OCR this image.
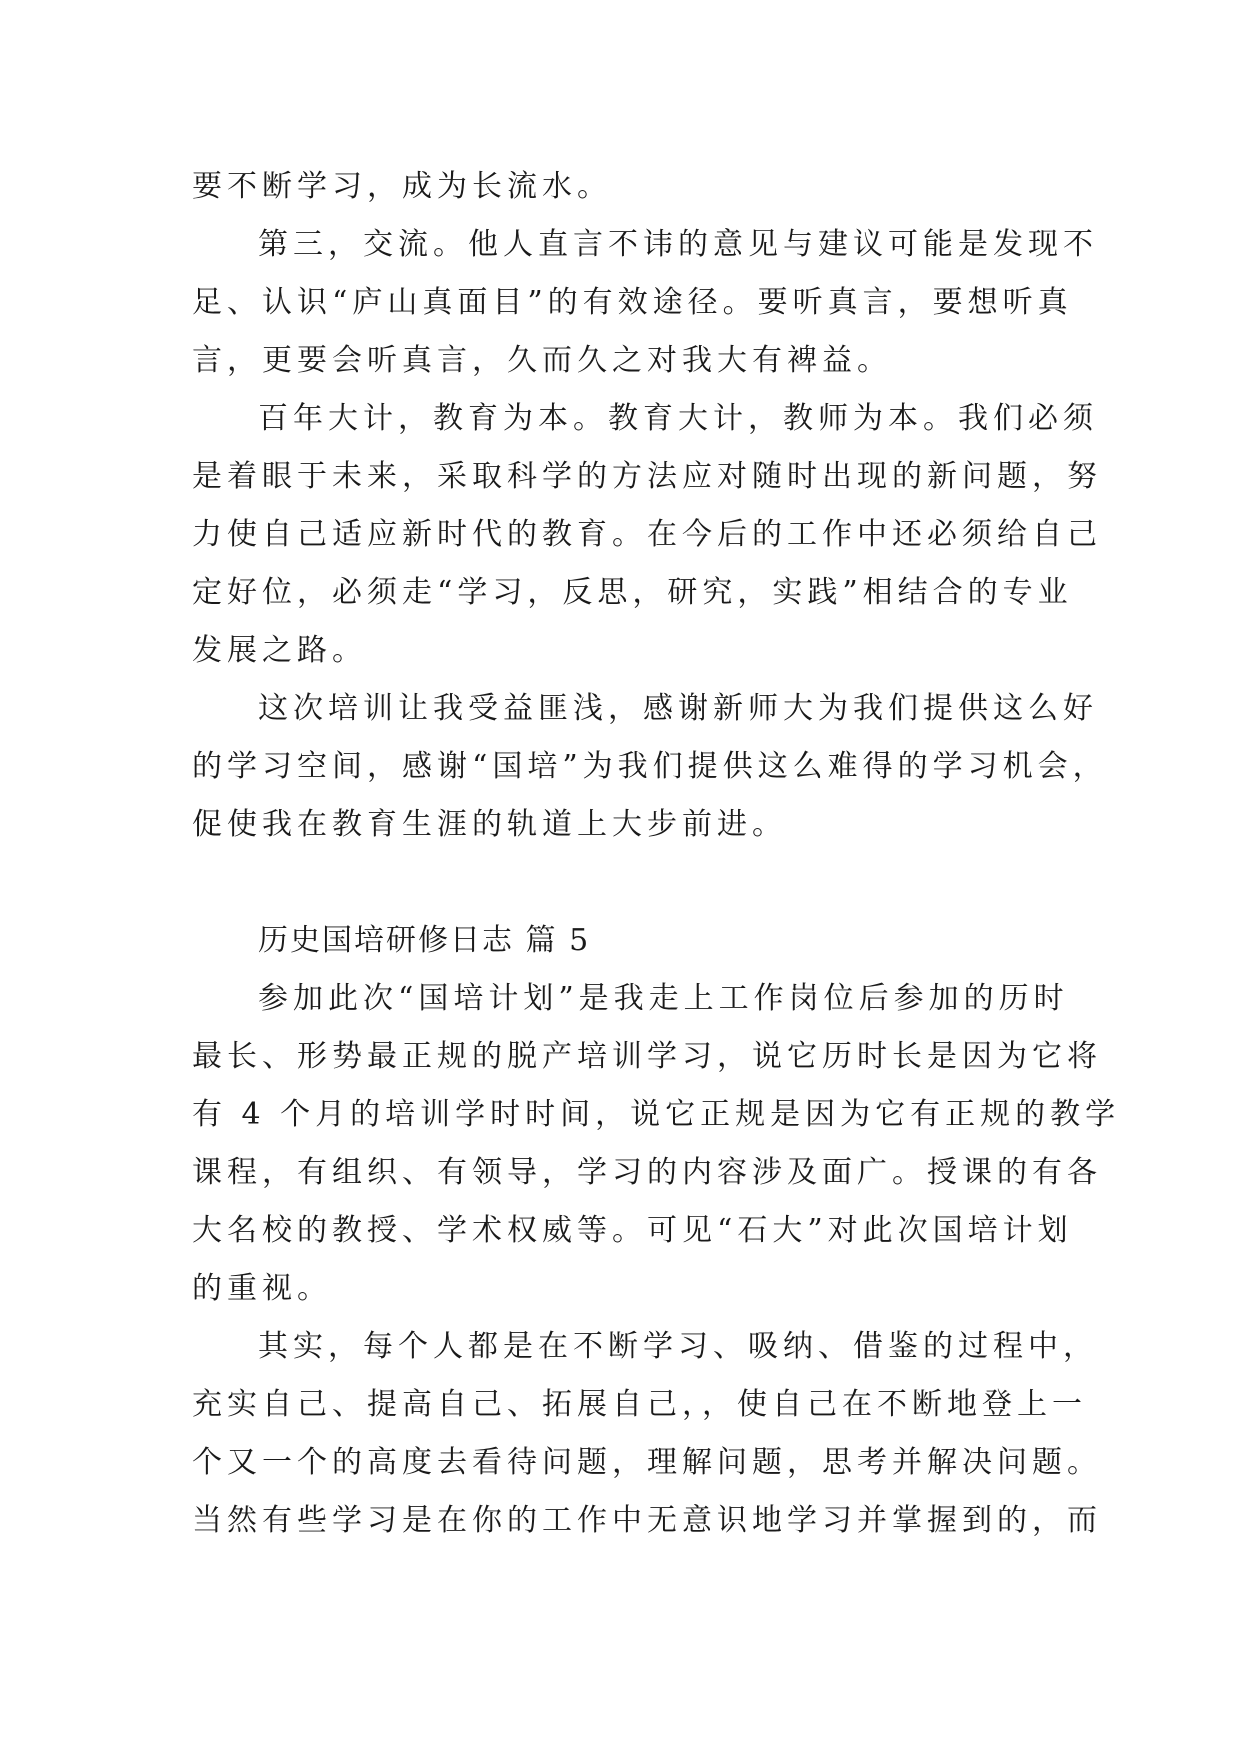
要不断学习，成为长流水。
第三，交流。他人直言不讳的意见与建议可能是发现不
足、认识“庐山真面目”的有效途径。要听真言，要想听真
言，更要会听真言，久而久之对我大有裨益。
百年大计，教育为本。教育大计，教师为本。我们必须
是着眼于未来，采取科学的方法应对随时出现的新问题，努
力使自己适应新时代的教育。在今后的工作中还必须给自己
定好位，必须走“学习，反思，研究，实践”相结合的专业
发展之路。
这次培训让我受益匪浅，感谢新师大为我们提供这么好
的学习空间，感谢“国培”为我们提供这么难得的学习机会，
促使我在教育生涯的轨道上大步前进。
历史国培研修日志 篇 5
参加此次“国培计划”是我走上工作岗位后参加的历时
最长、形势最正规的脱产培训学习，说它历时长是因为它将
有 4 个月的培训学时时间，说它正规是因为它有正规的教学
课程，有组织、有领导，学习的内容涉及面广。授课的有各
大名校的教授、学术权威等。可见“石大”对此次国培计划
的重视。
其实，每个人都是在不断学习、吸纳、借鉴的过程中，
充实自己、提高自己、拓展自己，，使自己在不断地登上一
个又一个的高度去看待问题，理解问题，思考并解决问题。
当然有些学习是在你的工作中无意识地学习并掌握到的，而
